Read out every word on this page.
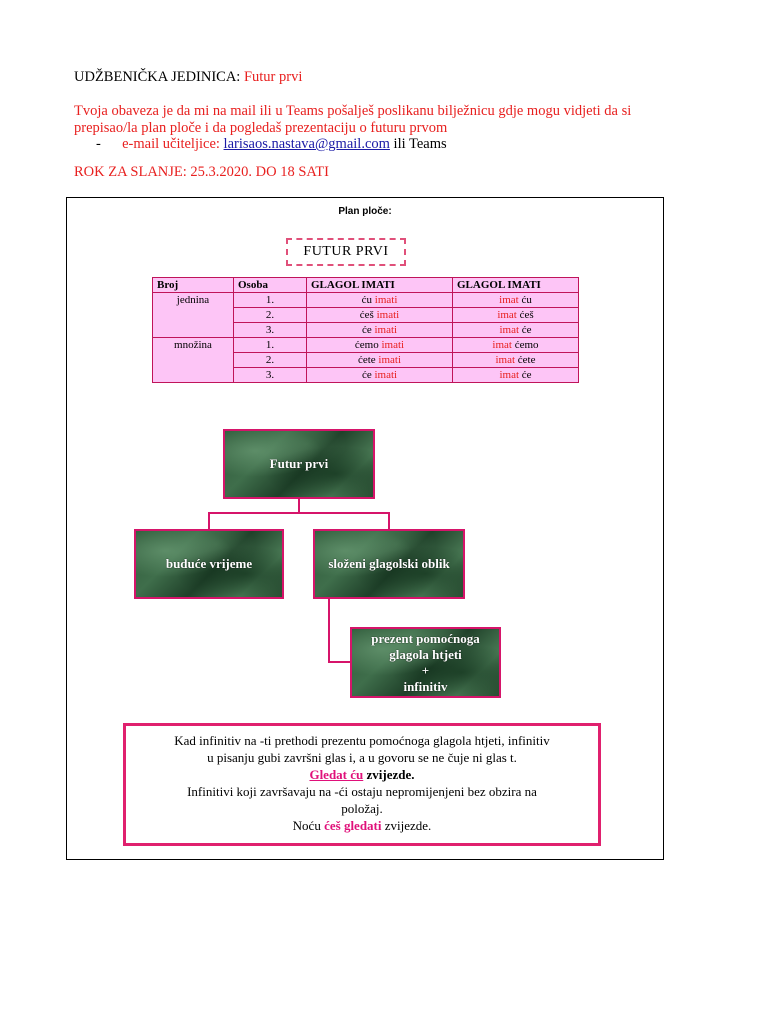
UDŽBENIČKA JEDINICA: Futur prvi
Tvoja obaveza je da mi na mail ili u Teams pošalješ poslikanu bilježnicu gdje mogu vidjeti da si
prepisao/la plan ploče i da pogledaš prezentaciju o futuru prvom
- e-mail učiteljice: larisaos.nastava@gmail.com ili Teams
ROK ZA SLANJE: 25.3.2020. DO 18 SATI
Plan ploče:
FUTUR PRVI
Broj	Osoba	GLAGOL IMATI	GLAGOL IMATI
jednina	1.	ću imati	imat ću
	2.	ćeš imati	imat ćeš
	3.	će imati	imat će
množina	1.	ćemo imati	imat ćemo
	2.	ćete imati	imat ćete
	3.	će imati	imat će
Futur prvi
buduće vrijeme	složeni glagolski oblik
prezent pomoćnoga
glagola htjeti
+
infinitiv
Kad infinitiv na -ti prethodi prezentu pomoćnoga glagola htjeti, infinitiv
u pisanju gubi završni glas i, a u govoru se ne čuje ni glas t.
Gledat ću zvijezde.
Infinitivi koji završavaju na -ći ostaju nepromijenjeni bez obzira na
položaj.
Noću ćeš gledati zvijezde.
